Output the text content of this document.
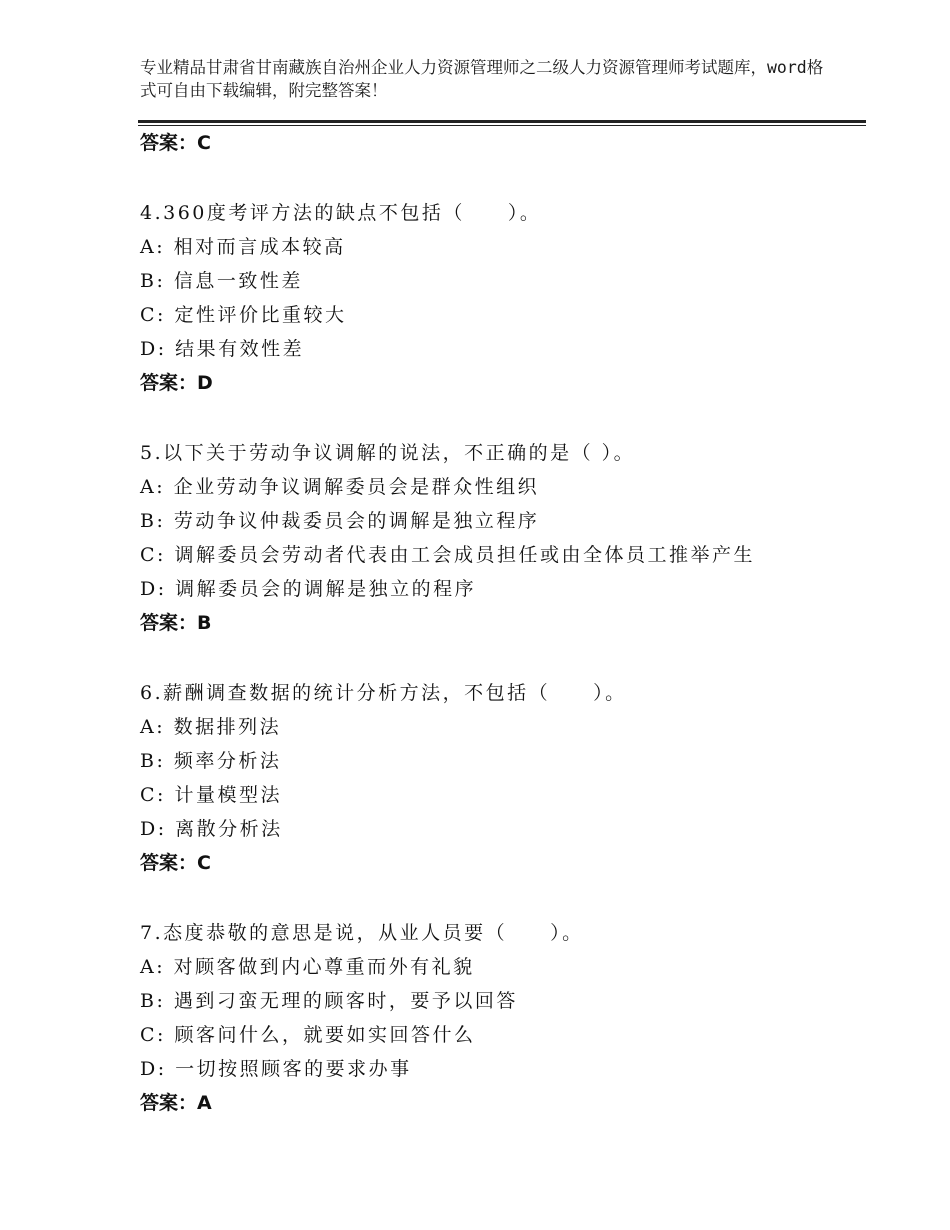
专业精品甘肃省甘南藏族自治州企业人力资源管理师之二级人力资源管理师考试题库，word格式可自由下载编辑，附完整答案！
答案：C
4.360度考评方法的缺点不包括（　　）。
A: 相对而言成本较高
B: 信息一致性差
C: 定性评价比重较大
D: 结果有效性差
答案：D
5.以下关于劳动争议调解的说法，不正确的是（ ）。
A: 企业劳动争议调解委员会是群众性组织
B: 劳动争议仲裁委员会的调解是独立程序
C: 调解委员会劳动者代表由工会成员担任或由全体员工推举产生
D: 调解委员会的调解是独立的程序
答案：B
6.薪酬调查数据的统计分析方法，不包括（　　）。
A: 数据排列法
B: 频率分析法
C: 计量模型法
D: 离散分析法
答案：C
7.态度恭敬的意思是说，从业人员要（　　）。
A: 对顾客做到内心尊重而外有礼貌
B: 遇到刁蛮无理的顾客时，要予以回答
C: 顾客问什么，就要如实回答什么
D: 一切按照顾客的要求办事
答案：A
